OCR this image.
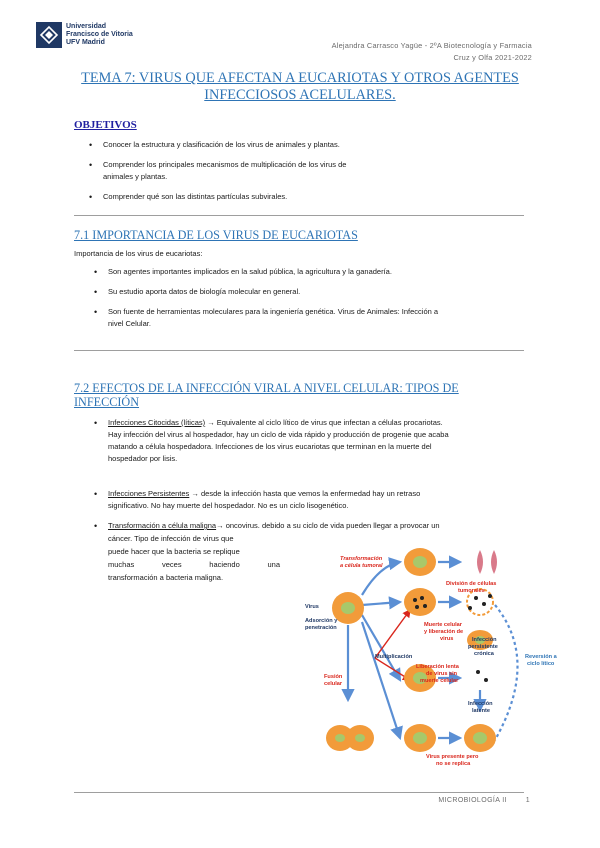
Universidad
Francisco de Vitoria
UFV Madrid	Alejandra Carrasco Yagüe - 2ºA Biotecnología y Farmacia
Cruz y Olfa 2021-2022
TEMA 7: VIRUS QUE AFECTAN A EUCARIOTAS Y OTROS AGENTES
INFECCIOSOS ACELULARES.
OBJETIVOS
• Conocer la estructura y clasificación de los virus de animales y plantas.
• Comprender los principales mecanismos de multiplicación de los virus de
animales y plantas.
• Comprender qué son las distintas partículas subvirales.
7.1 IMPORTANCIA DE LOS VIRUS DE EUCARIOTAS
Importancia de los virus de eucariotas:
• Son agentes importantes implicados en la salud pública, la agricultura y la ganadería.
• Su estudio aporta datos de biología molecular en general.
• Son fuente de herramientas moleculares para la ingeniería genética. Virus de Animales: Infección a
nivel Celular.
7.2 EFECTOS DE LA INFECCIÓN VIRAL A NIVEL CELULAR: TIPOS DE
INFECCIÓN
• Infecciones Citocidas (líticas) → Equivalente al ciclo lítico de virus que infectan a células procariotas.
Hay infección del virus al hospedador, hay un ciclo de vida rápido y producción de progenie que acaba
matando a célula hospedadora. Infecciones de los virus eucariotas que terminan en la muerte del
hospedador por lisis.
• Infecciones Persistentes → desde la infección hasta que vemos la enfermedad hay un retraso
significativo. No hay muerte del hospedador. No es un ciclo lisogenético.
• Transformación a célula maligna→ oncovirus. debido a su ciclo de vida pueden llegar a provocar un
cáncer. Tipo de infección de virus que
puede hacer que la bacteria se replique
muchas veces haciendo una
transformación a bacteria maligna.
Virus
Adsorción y
penetración
Transformación
a célula tumoral
División de células
tumorales
Muerte celular
y liberación de
virus	Infección
persistente
crónica	Reversión a
ciclo lítico
Multiplicación
Liberación lenta
de virus sin
muerte celular
Infección
latente
Fusión
celular
Virus presente pero
no se replica
MICROBIOLOGÍA II	1
